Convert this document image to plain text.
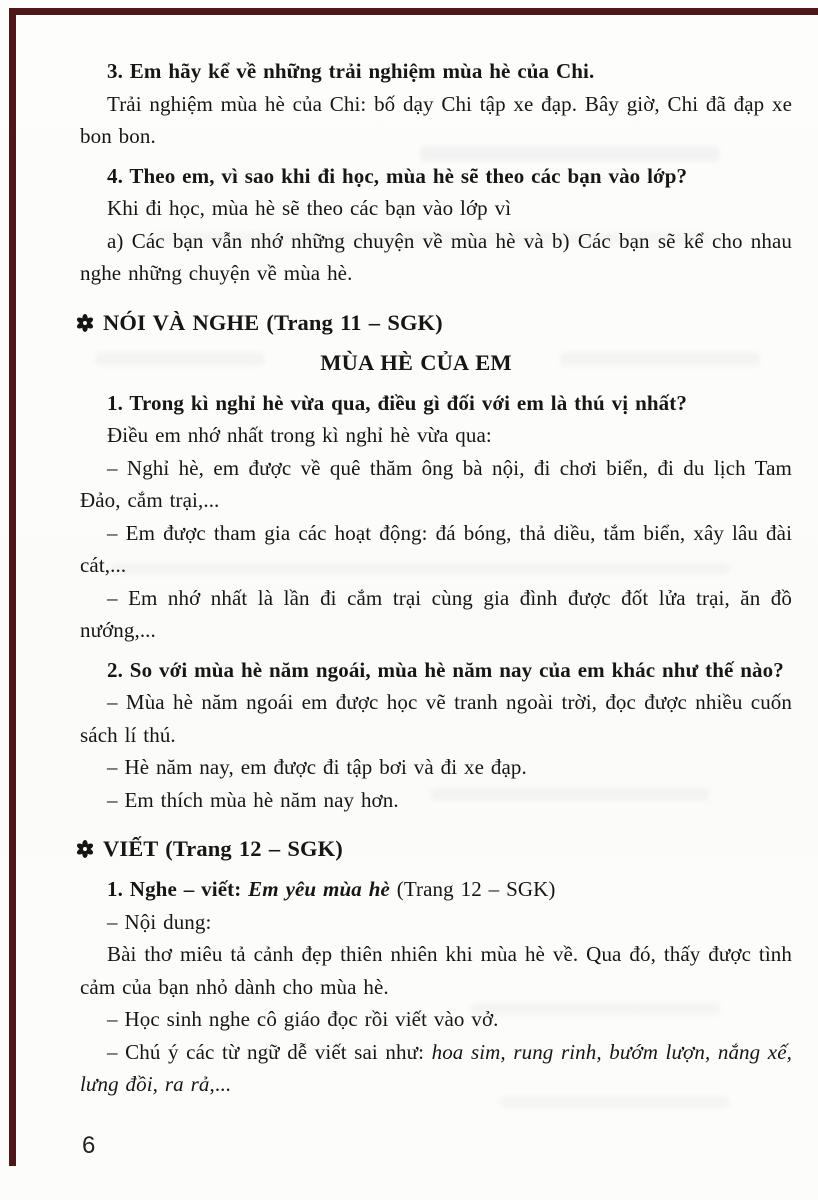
3. Em hãy kể về những trải nghiệm mùa hè của Chi.
Trải nghiệm mùa hè của Chi: bố dạy Chi tập xe đạp. Bây giờ, Chi đã đạp xe bon bon.
4. Theo em, vì sao khi đi học, mùa hè sẽ theo các bạn vào lớp?
Khi đi học, mùa hè sẽ theo các bạn vào lớp vì
a) Các bạn vẫn nhớ những chuyện về mùa hè và b) Các bạn sẽ kể cho nhau nghe những chuyện về mùa hè.
NÓI VÀ NGHE (Trang 11 – SGK)
MÙA HÈ CỦA EM
1. Trong kì nghỉ hè vừa qua, điều gì đối với em là thú vị nhất?
Điều em nhớ nhất trong kì nghỉ hè vừa qua:
– Nghỉ hè, em được về quê thăm ông bà nội, đi chơi biển, đi du lịch Tam Đảo, cắm trại,...
– Em được tham gia các hoạt động: đá bóng, thả diều, tắm biển, xây lâu đài cát,...
– Em nhớ nhất là lần đi cắm trại cùng gia đình được đốt lửa trại, ăn đồ nướng,...
2. So với mùa hè năm ngoái, mùa hè năm nay của em khác như thế nào?
– Mùa hè năm ngoái em được học vẽ tranh ngoài trời, đọc được nhiều cuốn sách lí thú.
– Hè năm nay, em được đi tập bơi và đi xe đạp.
– Em thích mùa hè năm nay hơn.
VIẾT (Trang 12 – SGK)
1. Nghe – viết: Em yêu mùa hè (Trang 12 – SGK)
– Nội dung:
Bài thơ miêu tả cảnh đẹp thiên nhiên khi mùa hè về. Qua đó, thấy được tình cảm của bạn nhỏ dành cho mùa hè.
– Học sinh nghe cô giáo đọc rồi viết vào vở.
– Chú ý các từ ngữ dễ viết sai như: hoa sim, rung rinh, bướm lượn, nắng xế, lưng đồi, ra rả,...
6
